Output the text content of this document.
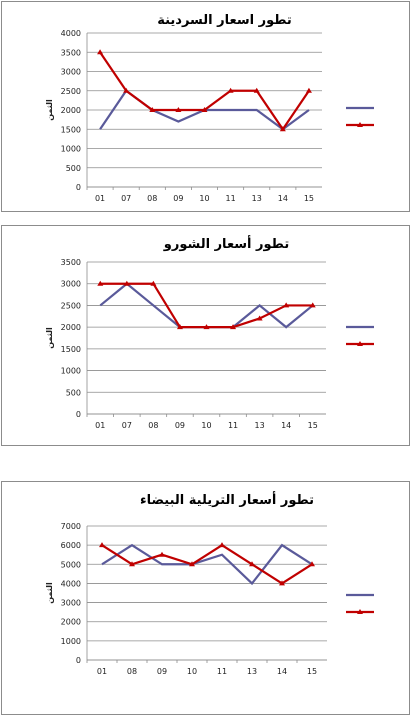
تطور اسعار السردينة
0
500
1000
1500
2000
2500
3000
3500
4000
01 07 08 09 10 11 13 14 15
الثمن
تطور أسعار الشورو
0
500
1000
1500
2000
2500
3000
3500
01 07 08 09 10 11 13 14 15
الثمن
تطور أسعار التريلية البيضاء
0
1000
2000
3000
4000
5000
6000
7000
01 08 09 10 11 13 14 15
الثمن
